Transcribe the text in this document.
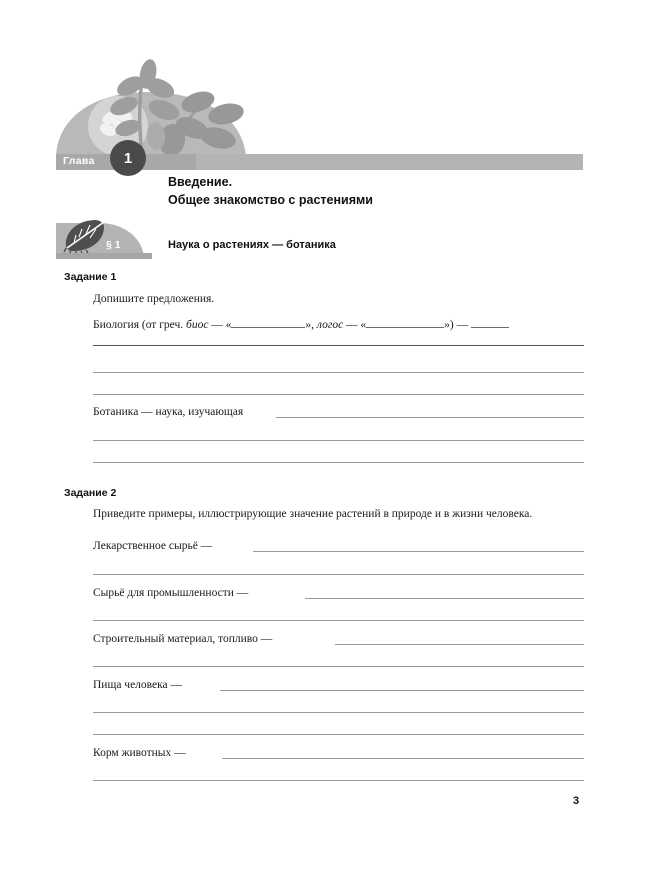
Глава 1
Введение.
Общее знакомство с растениями
§ 1	Наука о растениях — ботаника
Задание 1
Допишите предложения.
Биология (от греч. биос — «	», логос — «	») —
Ботаника — наука, изучающая
Задание 2
Приведите примеры, иллюстрирующие значение растений в природе и в жизни человека.
Лекарственное сырьё —
Сырьё для промышленности —
Строительный материал, топливо —
Пища человека —
Корм животных —
3
